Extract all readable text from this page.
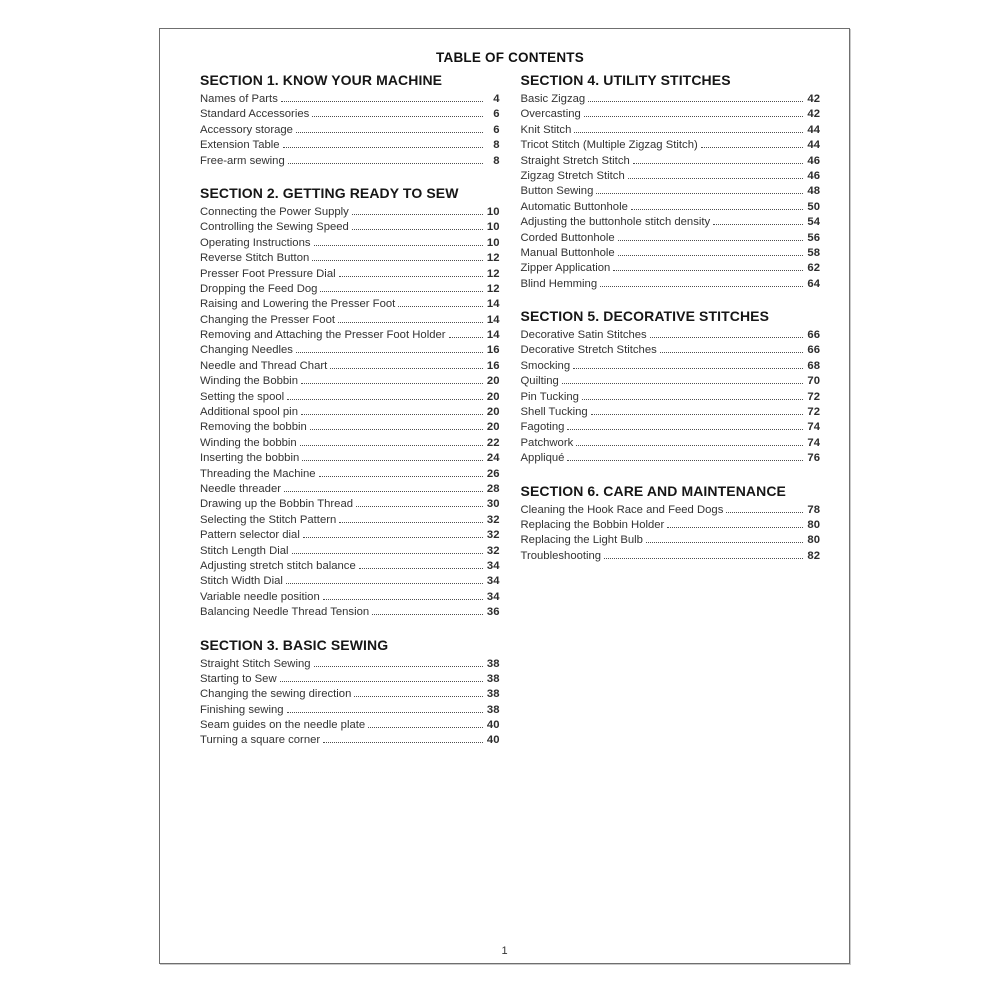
TABLE OF CONTENTS
SECTION 1. KNOW YOUR MACHINE
Names of Parts	4
Standard Accessories	6
Accessory storage	6
Extension Table	8
Free-arm sewing	8
SECTION 2. GETTING READY TO SEW
Connecting the Power Supply	10
Controlling the Sewing Speed	10
Operating Instructions	10
Reverse Stitch Button	12
Presser Foot Pressure Dial	12
Dropping the Feed Dog	12
Raising and Lowering the Presser Foot	14
Changing the Presser Foot	14
Removing and Attaching the Presser Foot Holder	14
Changing Needles	16
Needle and Thread Chart	16
Winding the Bobbin	20
Setting the spool	20
Additional spool pin	20
Removing the bobbin	20
Winding the bobbin	22
Inserting the bobbin	24
Threading the Machine	26
Needle threader	28
Drawing up the Bobbin Thread	30
Selecting the Stitch Pattern	32
Pattern selector dial	32
Stitch Length Dial	32
Adjusting stretch stitch balance	34
Stitch Width Dial	34
Variable needle position	34
Balancing Needle Thread Tension	36
SECTION 3. BASIC SEWING
Straight Stitch Sewing	38
Starting to Sew	38
Changing the sewing direction	38
Finishing sewing	38
Seam guides on the needle plate	40
Turning a square corner	40
SECTION 4. UTILITY STITCHES
Basic Zigzag	42
Overcasting	42
Knit Stitch	44
Tricot Stitch (Multiple Zigzag Stitch)	44
Straight Stretch Stitch	46
Zigzag Stretch Stitch	46
Button Sewing	48
Automatic Buttonhole	50
Adjusting the buttonhole stitch density	54
Corded Buttonhole	56
Manual Buttonhole	58
Zipper Application	62
Blind Hemming	64
SECTION 5. DECORATIVE STITCHES
Decorative Satin Stitches	66
Decorative Stretch Stitches	66
Smocking	68
Quilting	70
Pin Tucking	72
Shell Tucking	72
Fagoting	74
Patchwork	74
Appliqué	76
SECTION 6. CARE AND MAINTENANCE
Cleaning the Hook Race and Feed Dogs	78
Replacing the Bobbin Holder	80
Replacing the Light Bulb	80
Troubleshooting	82
1
